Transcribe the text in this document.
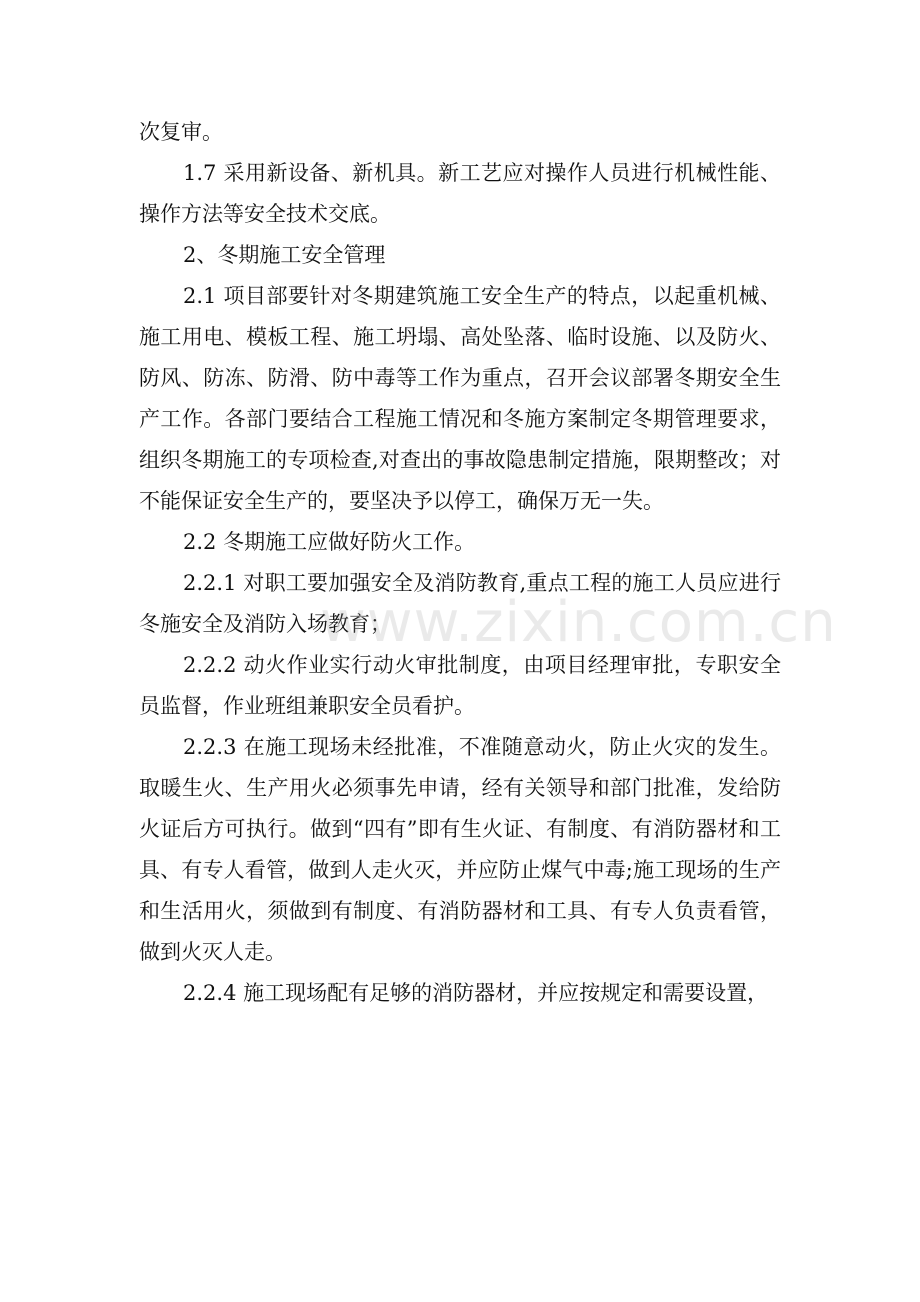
次复审。

1.7 采用新设备、新机具。新工艺应对操作人员进行机械性能、操作方法等安全技术交底。

2、冬期施工安全管理

2.1 项目部要针对冬期建筑施工安全生产的特点，以起重机械、施工用电、模板工程、施工坍塌、高处坠落、临时设施、以及防火、防风、防冻、防滑、防中毒等工作为重点，召开会议部署冬期安全生产工作。各部门要结合工程施工情况和冬施方案制定冬期管理要求，组织冬期施工的专项检查,对查出的事故隐患制定措施，限期整改；对不能保证安全生产的，要坚决予以停工，确保万无一失。

2.2 冬期施工应做好防火工作。

2.2.1 对职工要加强安全及消防教育,重点工程的施工人员应进行冬施安全及消防入场教育；

2.2.2 动火作业实行动火审批制度，由项目经理审批，专职安全员监督，作业班组兼职安全员看护。

2.2.3 在施工现场未经批准，不准随意动火，防止火灾的发生。取暖生火、生产用火必须事先申请，经有关领导和部门批准，发给防火证后方可执行。做到“四有”即有生火证、有制度、有消防器材和工具、有专人看管，做到人走火灭，并应防止煤气中毒;施工现场的生产和生活用火，须做到有制度、有消防器材和工具、有专人负责看管，做到火灭人走。

2.2.4 施工现场配有足够的消防器材，并应按规定和需要设置，

www.zixin.com.cn
